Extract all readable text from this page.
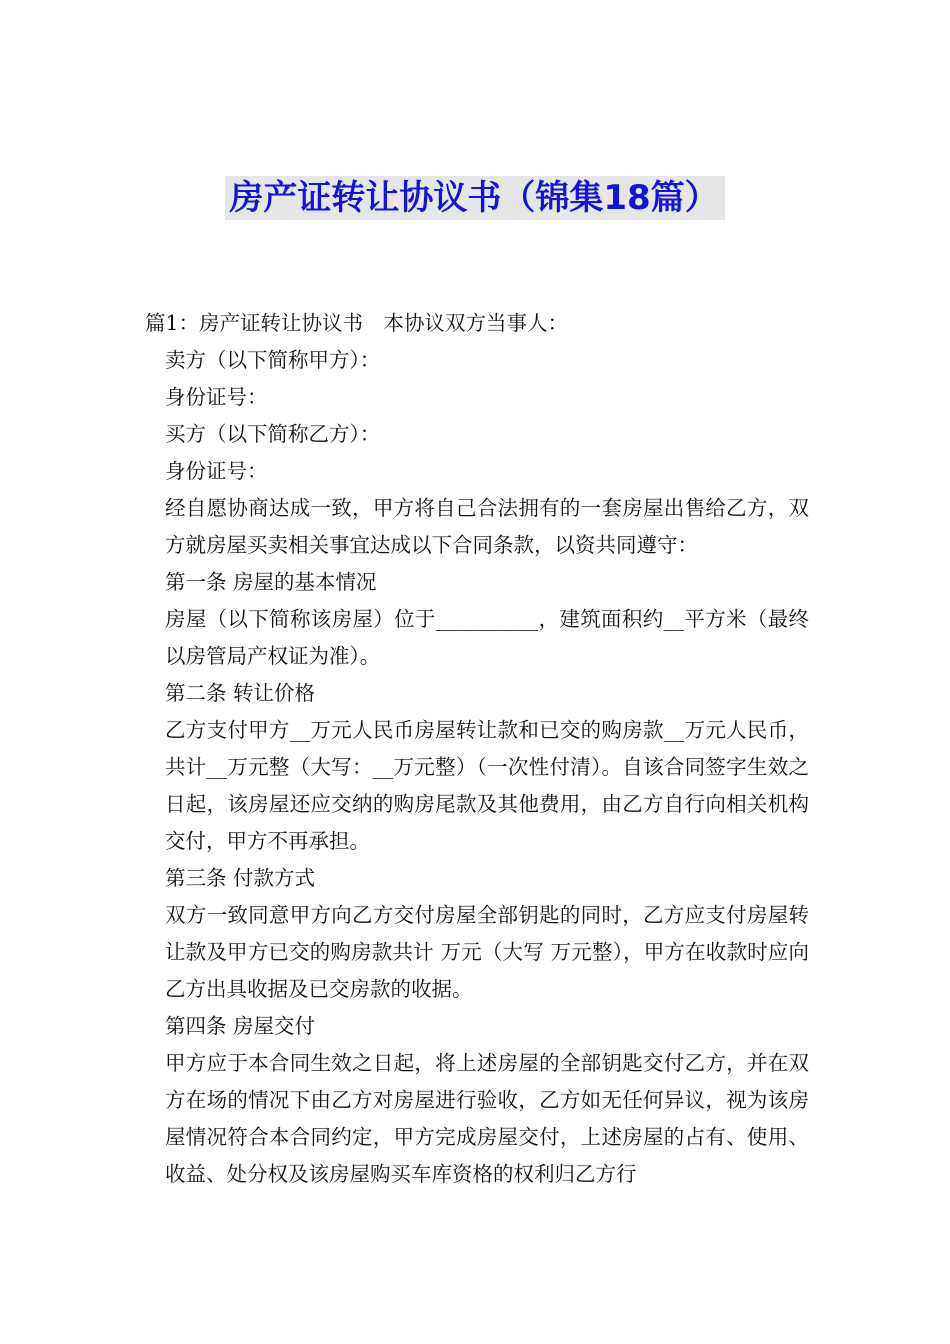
房产证转让协议书（锦集18篇）

篇1：房产证转让协议书　本协议双方当事人：

卖方（以下简称甲方）：

身份证号：

买方（以下简称乙方）：

身份证号：

经自愿协商达成一致，甲方将自己合法拥有的一套房屋出售给乙方，双方就房屋买卖相关事宜达成以下合同条款，以资共同遵守：

第一条 房屋的基本情况

房屋（以下简称该房屋）位于__________，建筑面积约__平方米（最终以房管局产权证为准）。

第二条 转让价格

乙方支付甲方__万元人民币房屋转让款和已交的购房款__万元人民币，共计__万元整（大写：__万元整）（一次性付清）。自该合同签字生效之日起，该房屋还应交纳的购房尾款及其他费用，由乙方自行向相关机构交付，甲方不再承担。

第三条 付款方式

双方一致同意甲方向乙方交付房屋全部钥匙的同时，乙方应支付房屋转让款及甲方已交的购房款共计 万元（大写 万元整），甲方在收款时应向乙方出具收据及已交房款的收据。

第四条 房屋交付

甲方应于本合同生效之日起，将上述房屋的全部钥匙交付乙方，并在双方在场的情况下由乙方对房屋进行验收，乙方如无任何异议，视为该房屋情况符合本合同约定，甲方完成房屋交付，上述房屋的占有、使用、收益、处分权及该房屋购买车库资格的权利归乙方行
